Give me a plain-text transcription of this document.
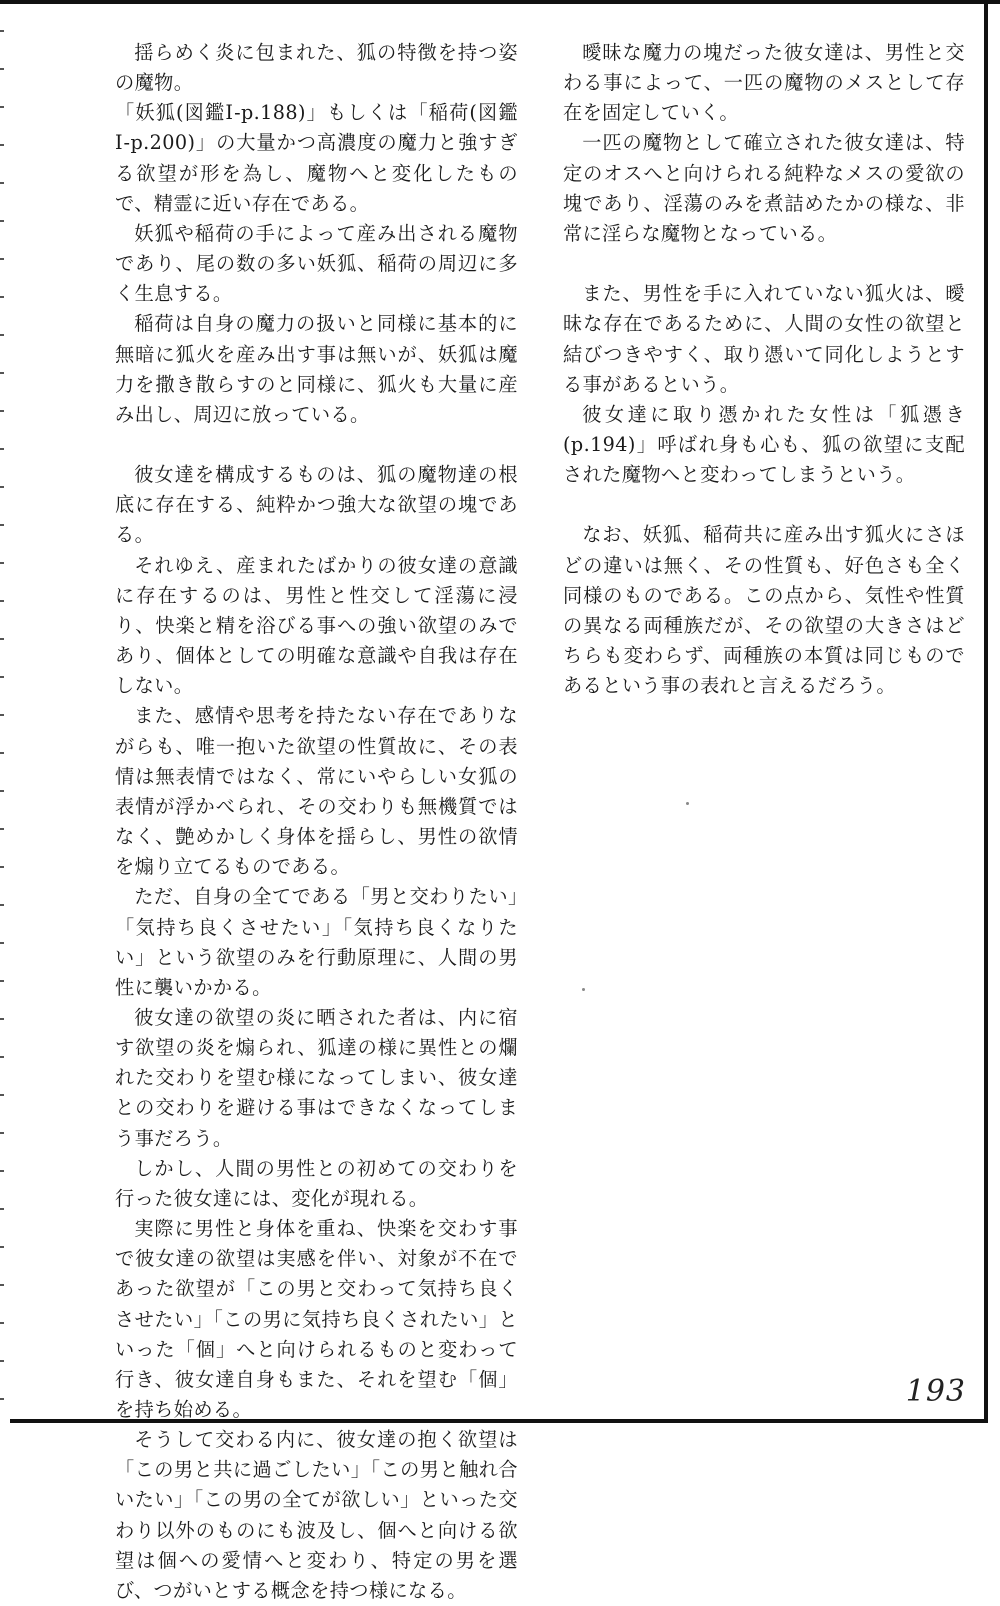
揺らめく炎に包まれた、狐の特徴を持つ姿の魔物。

「妖狐(図鑑Ⅰ-p.188)」もしくは「稲荷(図鑑Ⅰ-p.200)」の大量かつ高濃度の魔力と強すぎる欲望が形を為し、魔物へと変化したもので、精霊に近い存在である。

妖狐や稲荷の手によって産み出される魔物であり、尾の数の多い妖狐、稲荷の周辺に多く生息する。

稲荷は自身の魔力の扱いと同様に基本的に無暗に狐火を産み出す事は無いが、妖狐は魔力を撒き散らすのと同様に、狐火も大量に産み出し、周辺に放っている。

彼女達を構成するものは、狐の魔物達の根底に存在する、純粋かつ強大な欲望の塊である。

それゆえ、産まれたばかりの彼女達の意識に存在するのは、男性と性交して淫蕩に浸り、快楽と精を浴びる事への強い欲望のみであり、個体としての明確な意識や自我は存在しない。

また、感情や思考を持たない存在でありながらも、唯一抱いた欲望の性質故に、その表情は無表情ではなく、常にいやらしい女狐の表情が浮かべられ、その交わりも無機質ではなく、艶めかしく身体を揺らし、男性の欲情を煽り立てるものである。

ただ、自身の全てである「男と交わりたい」「気持ち良くさせたい」「気持ち良くなりたい」という欲望のみを行動原理に、人間の男性に襲いかかる。

彼女達の欲望の炎に晒された者は、内に宿す欲望の炎を煽られ、狐達の様に異性との爛れた交わりを望む様になってしまい、彼女達との交わりを避ける事はできなくなってしまう事だろう。

しかし、人間の男性との初めての交わりを行った彼女達には、変化が現れる。

実際に男性と身体を重ね、快楽を交わす事で彼女達の欲望は実感を伴い、対象が不在であった欲望が「この男と交わって気持ち良くさせたい」「この男に気持ち良くされたい」といった「個」へと向けられるものと変わって行き、彼女達自身もまた、それを望む「個」を持ち始める。

そうして交わる内に、彼女達の抱く欲望は「この男と共に過ごしたい」「この男と触れ合いたい」「この男の全てが欲しい」といった交わり以外のものにも波及し、個へと向ける欲望は個への愛情へと変わり、特定の男を選び、つがいとする概念を持つ様になる。

曖昧な魔力の塊だった彼女達は、男性と交わる事によって、一匹の魔物のメスとして存在を固定していく。

一匹の魔物として確立された彼女達は、特定のオスへと向けられる純粋なメスの愛欲の塊であり、淫蕩のみを煮詰めたかの様な、非常に淫らな魔物となっている。

また、男性を手に入れていない狐火は、曖昧な存在であるために、人間の女性の欲望と結びつきやすく、取り憑いて同化しようとする事があるという。

彼女達に取り憑かれた女性は「狐憑き(p.194)」呼ばれ身も心も、狐の欲望に支配された魔物へと変わってしまうという。

なお、妖狐、稲荷共に産み出す狐火にさほどの違いは無く、その性質も、好色さも全く同様のものである。この点から、気性や性質の異なる両種族だが、その欲望の大きさはどちらも変わらず、両種族の本質は同じものであるという事の表れと言えるだろう。

193
